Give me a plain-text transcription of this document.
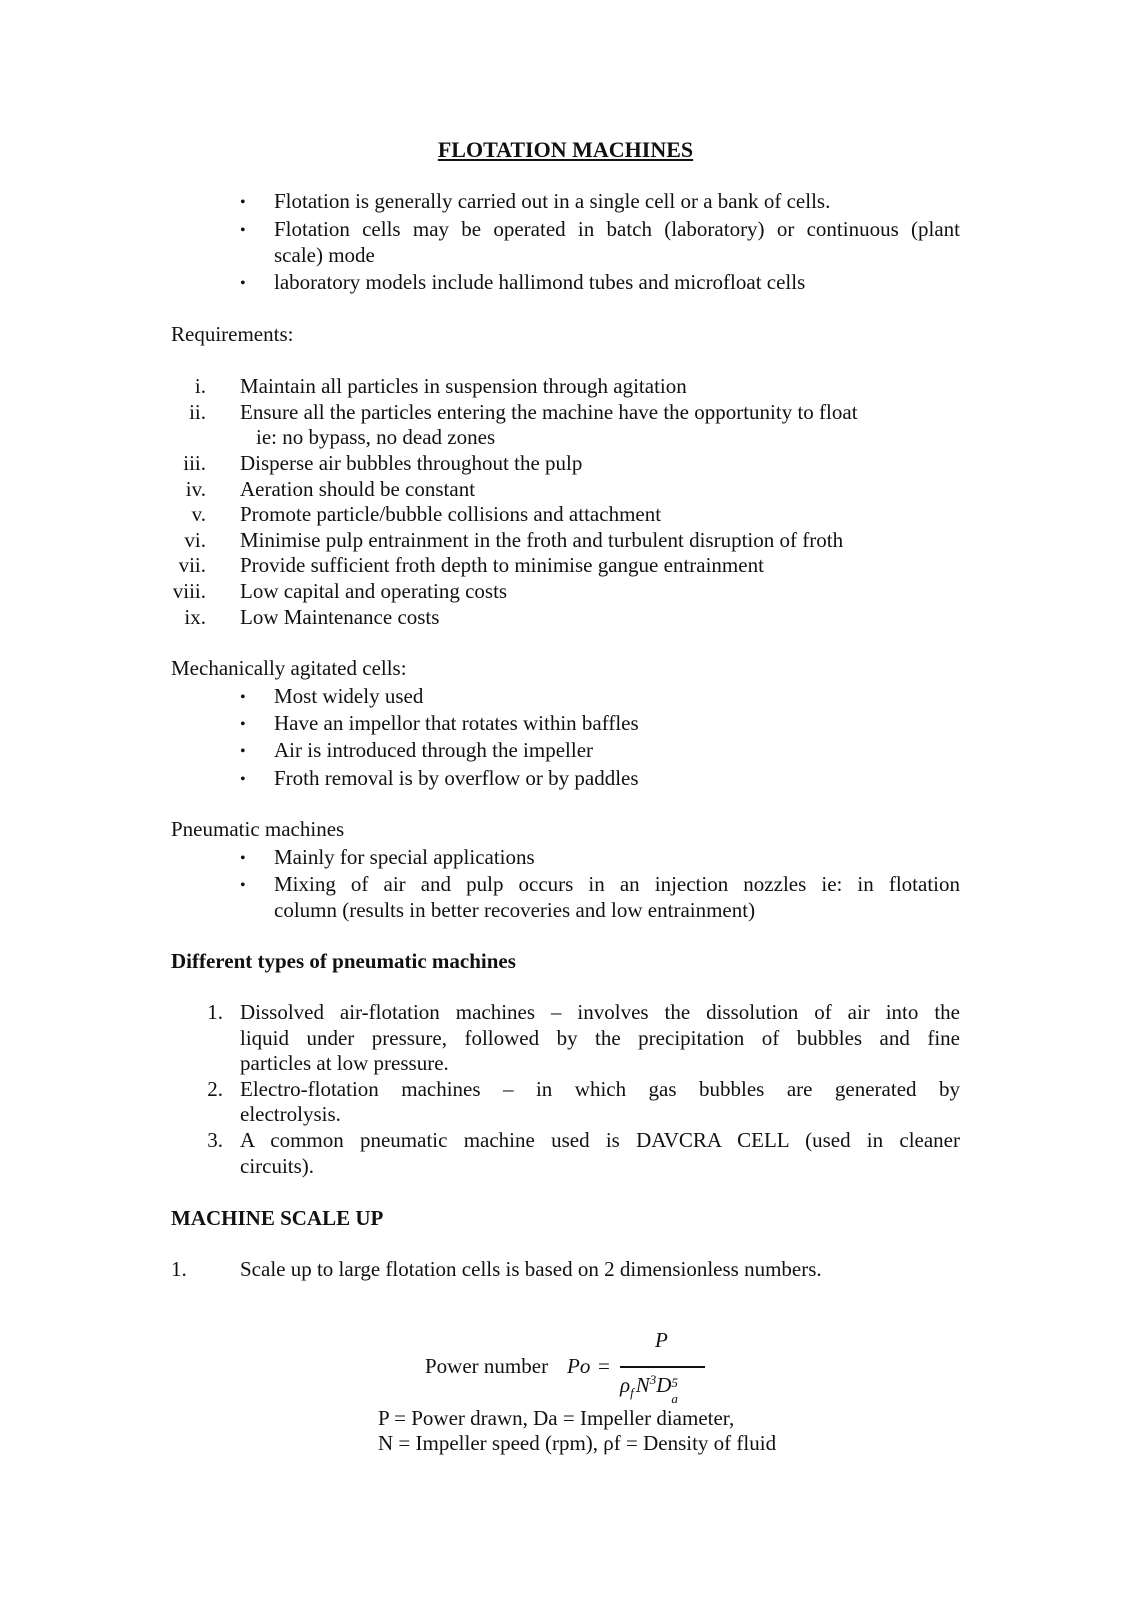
FLOTATION MACHINES
• Flotation is generally carried out in a single cell or a bank of cells.
• Flotation cells may be operated in batch (laboratory) or continuous (plant
scale) mode
• laboratory models include hallimond tubes and microfloat cells
Requirements:
i. Maintain all particles in suspension through agitation
ii. Ensure all the particles entering the machine have the opportunity to float
ie: no bypass, no dead zones
iii. Disperse air bubbles throughout the pulp
iv. Aeration should be constant
v. Promote particle/bubble collisions and attachment
vi. Minimise pulp entrainment in the froth and turbulent disruption of froth
vii. Provide sufficient froth depth to minimise gangue entrainment
viii. Low capital and operating costs
ix. Low Maintenance costs
Mechanically agitated cells:
• Most widely used
• Have an impellor that rotates within baffles
• Air is introduced through the impeller
• Froth removal is by overflow or by paddles
Pneumatic machines
• Mainly for special applications
• Mixing of air and pulp occurs in an injection nozzles ie: in flotation
column (results in better recoveries and low entrainment)
Different types of pneumatic machines
1. Dissolved air-flotation machines – involves the dissolution of air into the
liquid under pressure, followed by the precipitation of bubbles and fine
particles at low pressure.
2. Electro-flotation machines – in which gas bubbles are generated by
electrolysis.
3. A common pneumatic machine used is DAVCRA CELL (used in cleaner
circuits).
MACHINE SCALE UP
1.	Scale up to large flotation cells is based on 2 dimensionless numbers.
Power number Po =
P
$\rho_fN^3D$ 5
a
P = Power drawn, Da = Impeller diameter,
N = Impeller speed (rpm), ρf = Density of fluid
